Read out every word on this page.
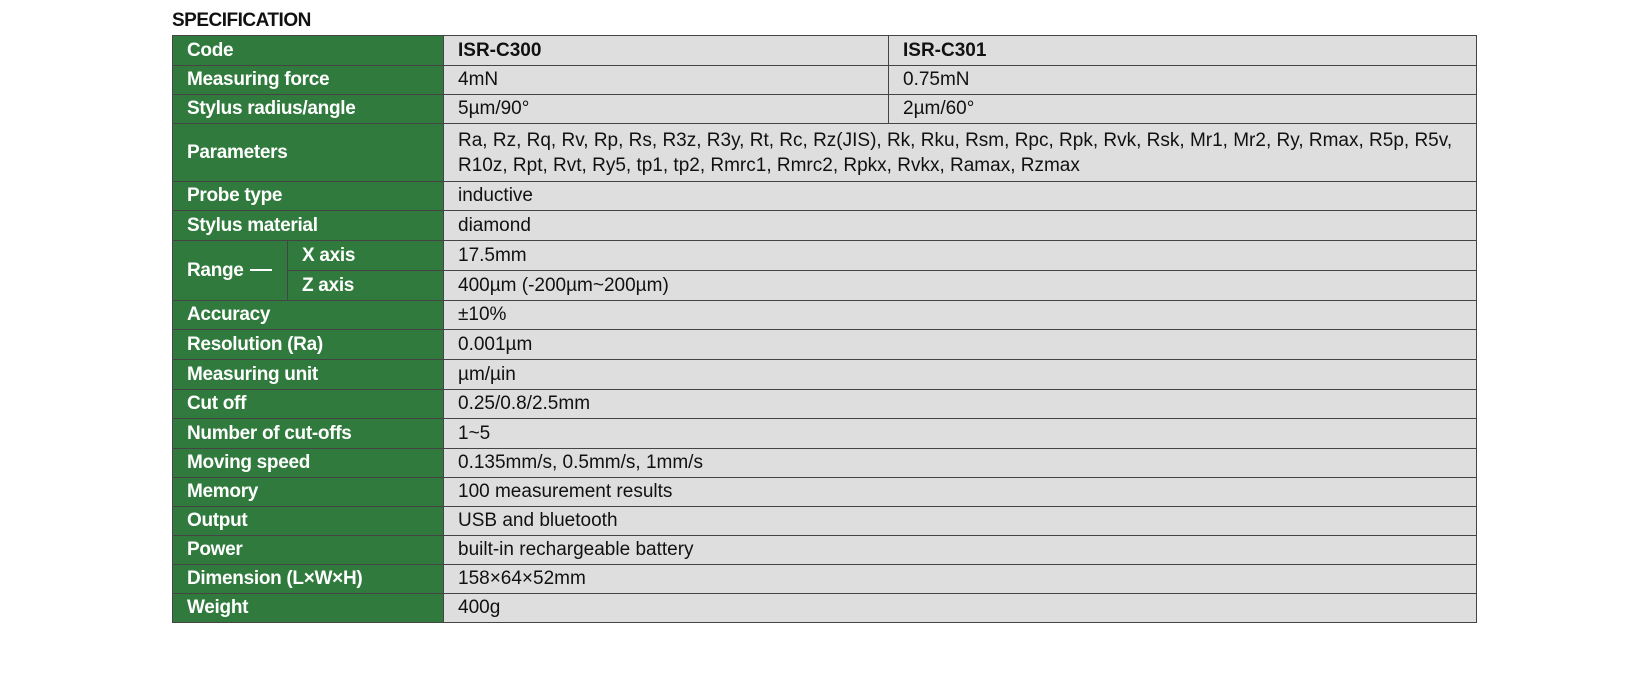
SPECIFICATION
Code		ISR-C300	ISR-C301
Measuring force		4mN	0.75mN
Stylus radius/angle		5µm/90°	2µm/60°
Parameters		Ra, Rz, Rq, Rv, Rp, Rs, R3z, R3y, Rt, Rc, Rz(JIS), Rk, Rku, Rsm, Rpc, Rpk, Rvk, Rsk, Mr1, Mr2, Ry, Rmax, R5p, R5v, R10z, Rpt, Rvt, Ry5, tp1, tp2, Rmrc1, Rmrc2, Rpkx, Rvkx, Ramax, Rzmax	
Probe type		inductive	
Stylus material		diamond	
Range	X axis	17.5mm	
	Z axis	400µm (-200µm~200µm)	
Accuracy		±10%	
Resolution (Ra)		0.001µm	
Measuring unit		µm/µin	
Cut off		0.25/0.8/2.5mm	
Number of cut-offs		1~5	
Moving speed		0.135mm/s, 0.5mm/s, 1mm/s	
Memory		100 measurement results	
Output		USB and bluetooth	
Power		built-in rechargeable battery	
Dimension (L×W×H)		158×64×52mm	
Weight		400g	
